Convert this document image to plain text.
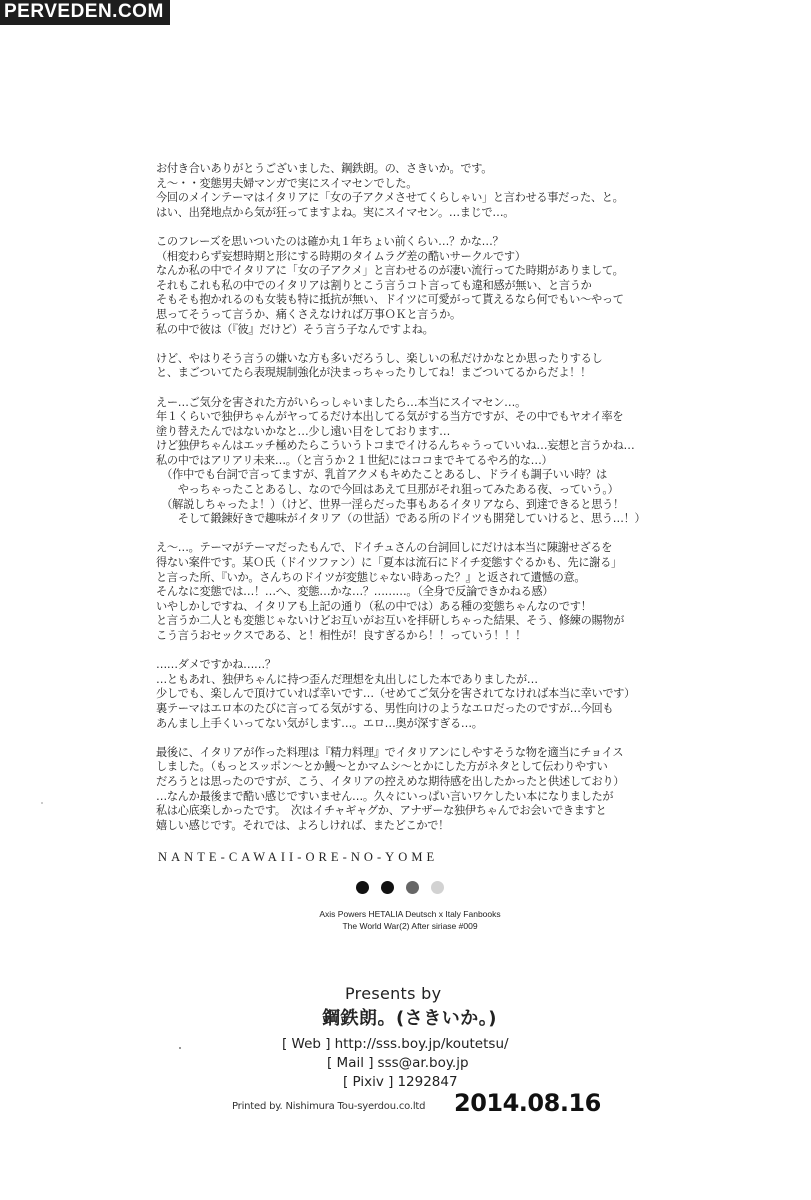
PERVEDEN.COM
お付き合いありがとうございました、鋼鉄朗。の、さきいか。です。
え～・・変態男夫婦マンガで実にスイマセンでした。
今回のメインテーマはイタリアに「女の子アクメさせてくらしゃい」と言わせる事だった、と。
はい、出発地点から気が狂ってますよね。実にスイマセン。…まじで…。
このフレーズを思いついたのは確か丸１年ちょい前くらい…？かな…？
（相変わらず妄想時期と形にする時期のタイムラグ差の酷いサークルです）
なんか私の中でイタリアに「女の子アクメ」と言わせるのが凄い流行ってた時期がありまして。
それもこれも私の中でのイタリアは割りとこう言うコト言っても違和感が無い、と言うか
そもそも抱かれるのも女装も特に抵抗が無い、ドイツに可愛がって貰えるなら何でもい～やって
思ってそうって言うか、痛くさえなければ万事ＯＫと言うか。
私の中で彼は（『彼』だけど）そう言う子なんですよね。
けど、やはりそう言うの嫌いな方も多いだろうし、楽しいの私だけかなとか思ったりするし
と、まごついてたら表現規制強化が決まっちゃったりしてね！まごついてるからだよ！！
えー…ご気分を害された方がいらっしゃいましたら…本当にスイマセン…。
年１くらいで独伊ちゃんがヤってるだけ本出してる気がする当方ですが、その中でもヤオイ率を
塗り替えたんではないかなと…少し遠い目をしております…
けど独伊ちゃんはエッチ極めたらこういうトコまでイけるんちゃうっていいね…妄想と言うかね…
私の中ではアリアリ未来…。（と言うか２１世紀にはココまでキてるやろ的な…）
　（作中でも台詞で言ってますが、乳首アクメもキめたことあるし、ドライも調子いい時？は
　　やっちゃったことあるし、なので今回はあえて旦那がそれ狙ってみたある夜、っていう。）
　（解説しちゃったよ！）（けど、世界一淫らだった事もあるイタリアなら、到達できると思う！
　　そして鍛錬好きで趣味がイタリア（の世話）である所のドイツも開発していけると、思う…！）
え～…。テーマがテーマだったもんで、ドイチュさんの台詞回しにだけは本当に陳謝せざるを
得ない案件です。某Ｏ氏（ドイツファン）に「夏本は流石にドイチ変態すぐるかも、先に謝る」
と言った所、『いか。さんちのドイツが変態じゃない時あった？』と返されて遺憾の意。
そんなに変態では…！…へ、変態…かな…？………。（全身で反論できかねる感）
いやしかしですね、イタリアも上記の通り（私の中では）ある種の変態ちゃんなのです！
と言うか二人とも変態じゃないけどお互いがお互いを拝研しちゃった結果、そう、修練の賜物が
こう言うおセックスである、と！相性が！良すぎるから！！っていう！！！
……ダメですかね……？
…ともあれ、独伊ちゃんに持つ歪んだ理想を丸出しにした本でありましたが…
少しでも、楽しんで頂けていれば幸いです…（せめてご気分を害されてなければ本当に幸いです）
裏テーマはエロ本のたびに言ってる気がする、男性向けのようなエロだったのですが…今回も
あんまし上手くいってない気がします…。エロ…奥が深すぎる…。
最後に、イタリアが作った料理は『精力料理』でイタリアンにしやすそうな物を適当にチョイス
しました。（もっとスッポン～とか鰻～とかマムシ～とかにした方がネタとして伝わりやすい
だろうとは思ったのですが、こう、イタリアの控えめな期待感を出したかったと供述しており）
…なんか最後まで酷い感じですいません…。久々にいっぱい言いワケしたい本になりましたが
私は心底楽しかったです。　次はイチャギャグか、アナザーな独伊ちゃんでお会いできますと
嬉しい感じです。それでは、よろしければ、またどこかで！
NANTE-CAWAII-ORE-NO-YOME
Axis Powers HETALIA Deutsch x Italy Fanbooks
The World War(2) After siriase #009
Presents by
鋼鉄朗。(さきいか。)
[ Web ] http://sss.boy.jp/koutetsu/
[ Mail ] sss@ar.boy.jp
[ Pixiv ] 1292847
Printed by. Nishimura Tou-syerdou.co.ltd 2014.08.16
